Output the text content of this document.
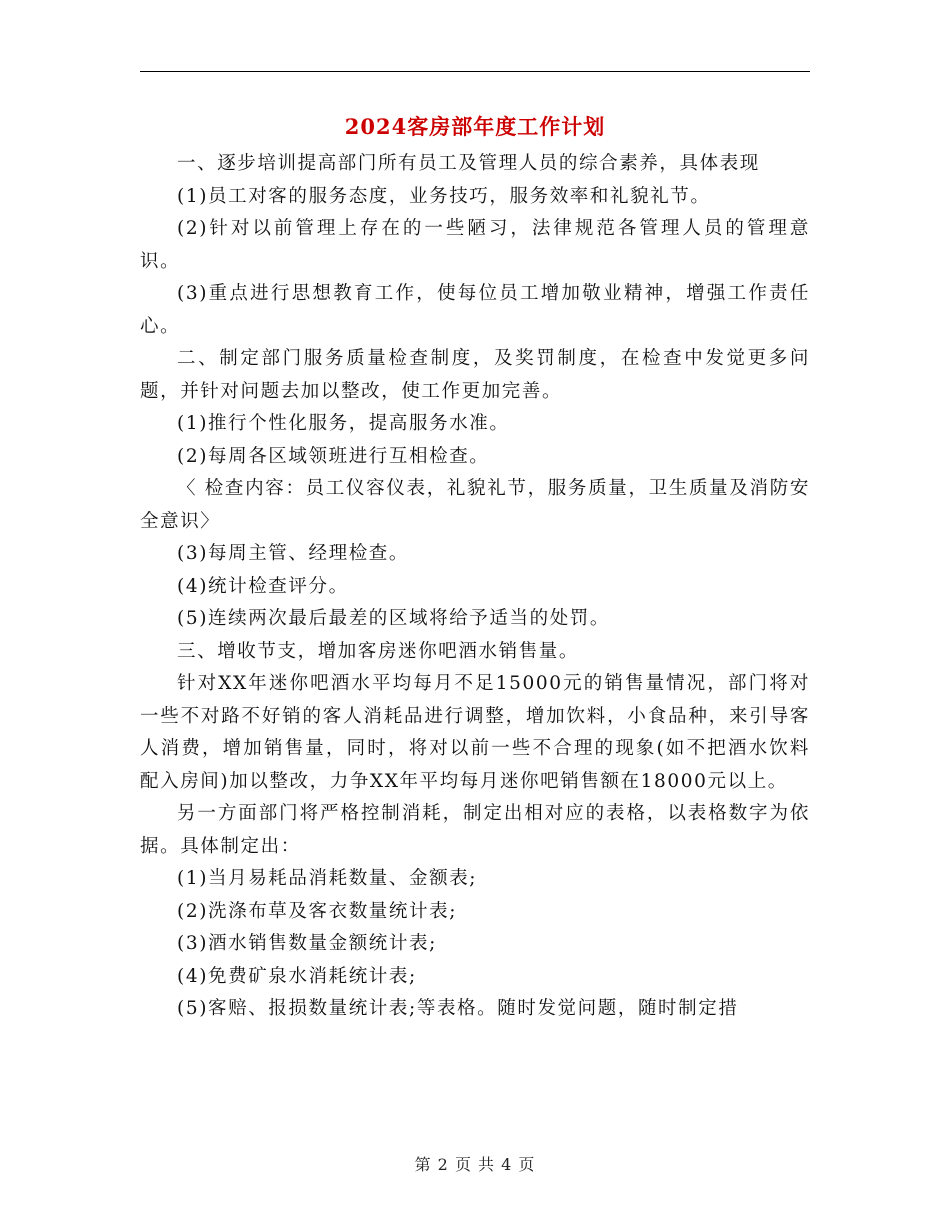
2024客房部年度工作计划

一、逐步培训提高部门所有员工及管理人员的综合素养，具体表现

(1)员工对客的服务态度，业务技巧，服务效率和礼貌礼节。

(2)针对以前管理上存在的一些陋习，法律规范各管理人员的管理意识。

(3)重点进行思想教育工作，使每位员工增加敬业精神，增强工作责任心。

二、制定部门服务质量检查制度，及奖罚制度，在检查中发觉更多问题，并针对问题去加以整改，使工作更加完善。

(1)推行个性化服务，提高服务水准。

(2)每周各区域领班进行互相检查。

〈 检查内容：员工仪容仪表，礼貌礼节，服务质量，卫生质量及消防安全意识〉

(3)每周主管、经理检查。

(4)统计检查评分。

(5)连续两次最后最差的区域将给予适当的处罚。

三、增收节支，增加客房迷你吧酒水销售量。

针对XX年迷你吧酒水平均每月不足15000元的销售量情况，部门将对一些不对路不好销的客人消耗品进行调整，增加饮料，小食品种，来引导客人消费，增加销售量，同时，将对以前一些不合理的现象(如不把酒水饮料配入房间)加以整改，力争XX年平均每月迷你吧销售额在18000元以上。

另一方面部门将严格控制消耗，制定出相对应的表格，以表格数字为依据。具体制定出：

(1)当月易耗品消耗数量、金额表;

(2)洗涤布草及客衣数量统计表;

(3)酒水销售数量金额统计表;

(4)免费矿泉水消耗统计表;

(5)客赔、报损数量统计表;等表格。随时发觉问题，随时制定措

第 2 页 共 4 页
